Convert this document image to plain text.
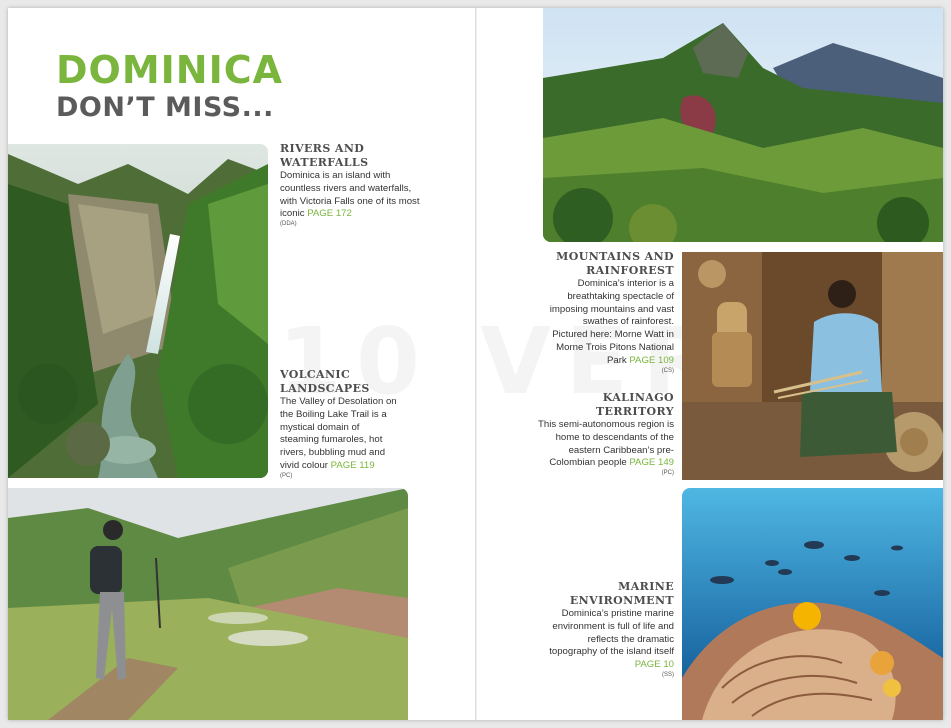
DOMINICA
DON’T MISS...
RIVERS AND
WATERFALLS
Dominica is an island with countless rivers and waterfalls, with Victoria Falls one of its most iconic PAGE 172
(DDA)
VOLCANIC
LANDSCAPES
The Valley of Desolation on the Boiling Lake Trail is a mystical domain of steaming fumaroles, hot rivers, bubbling mud and vivid colour PAGE 119
(PC)
MOUNTAINS AND
RAINFOREST
Dominica’s interior is a breathtaking spectacle of imposing mountains and vast swathes of rainforest. Pictured here: Morne Watt in Morne Trois Pitons National Park PAGE 109
(CS)
KALINAGO
TERRITORY
This semi-autonomous region is home to descendants of the eastern Caribbean’s pre-Colombian people PAGE 149
(PC)
MARINE
ENVIRONMENT
Dominica’s pristine marine environment is full of life and reflects the dramatic topography of the island itself
PAGE 10
(SS)
